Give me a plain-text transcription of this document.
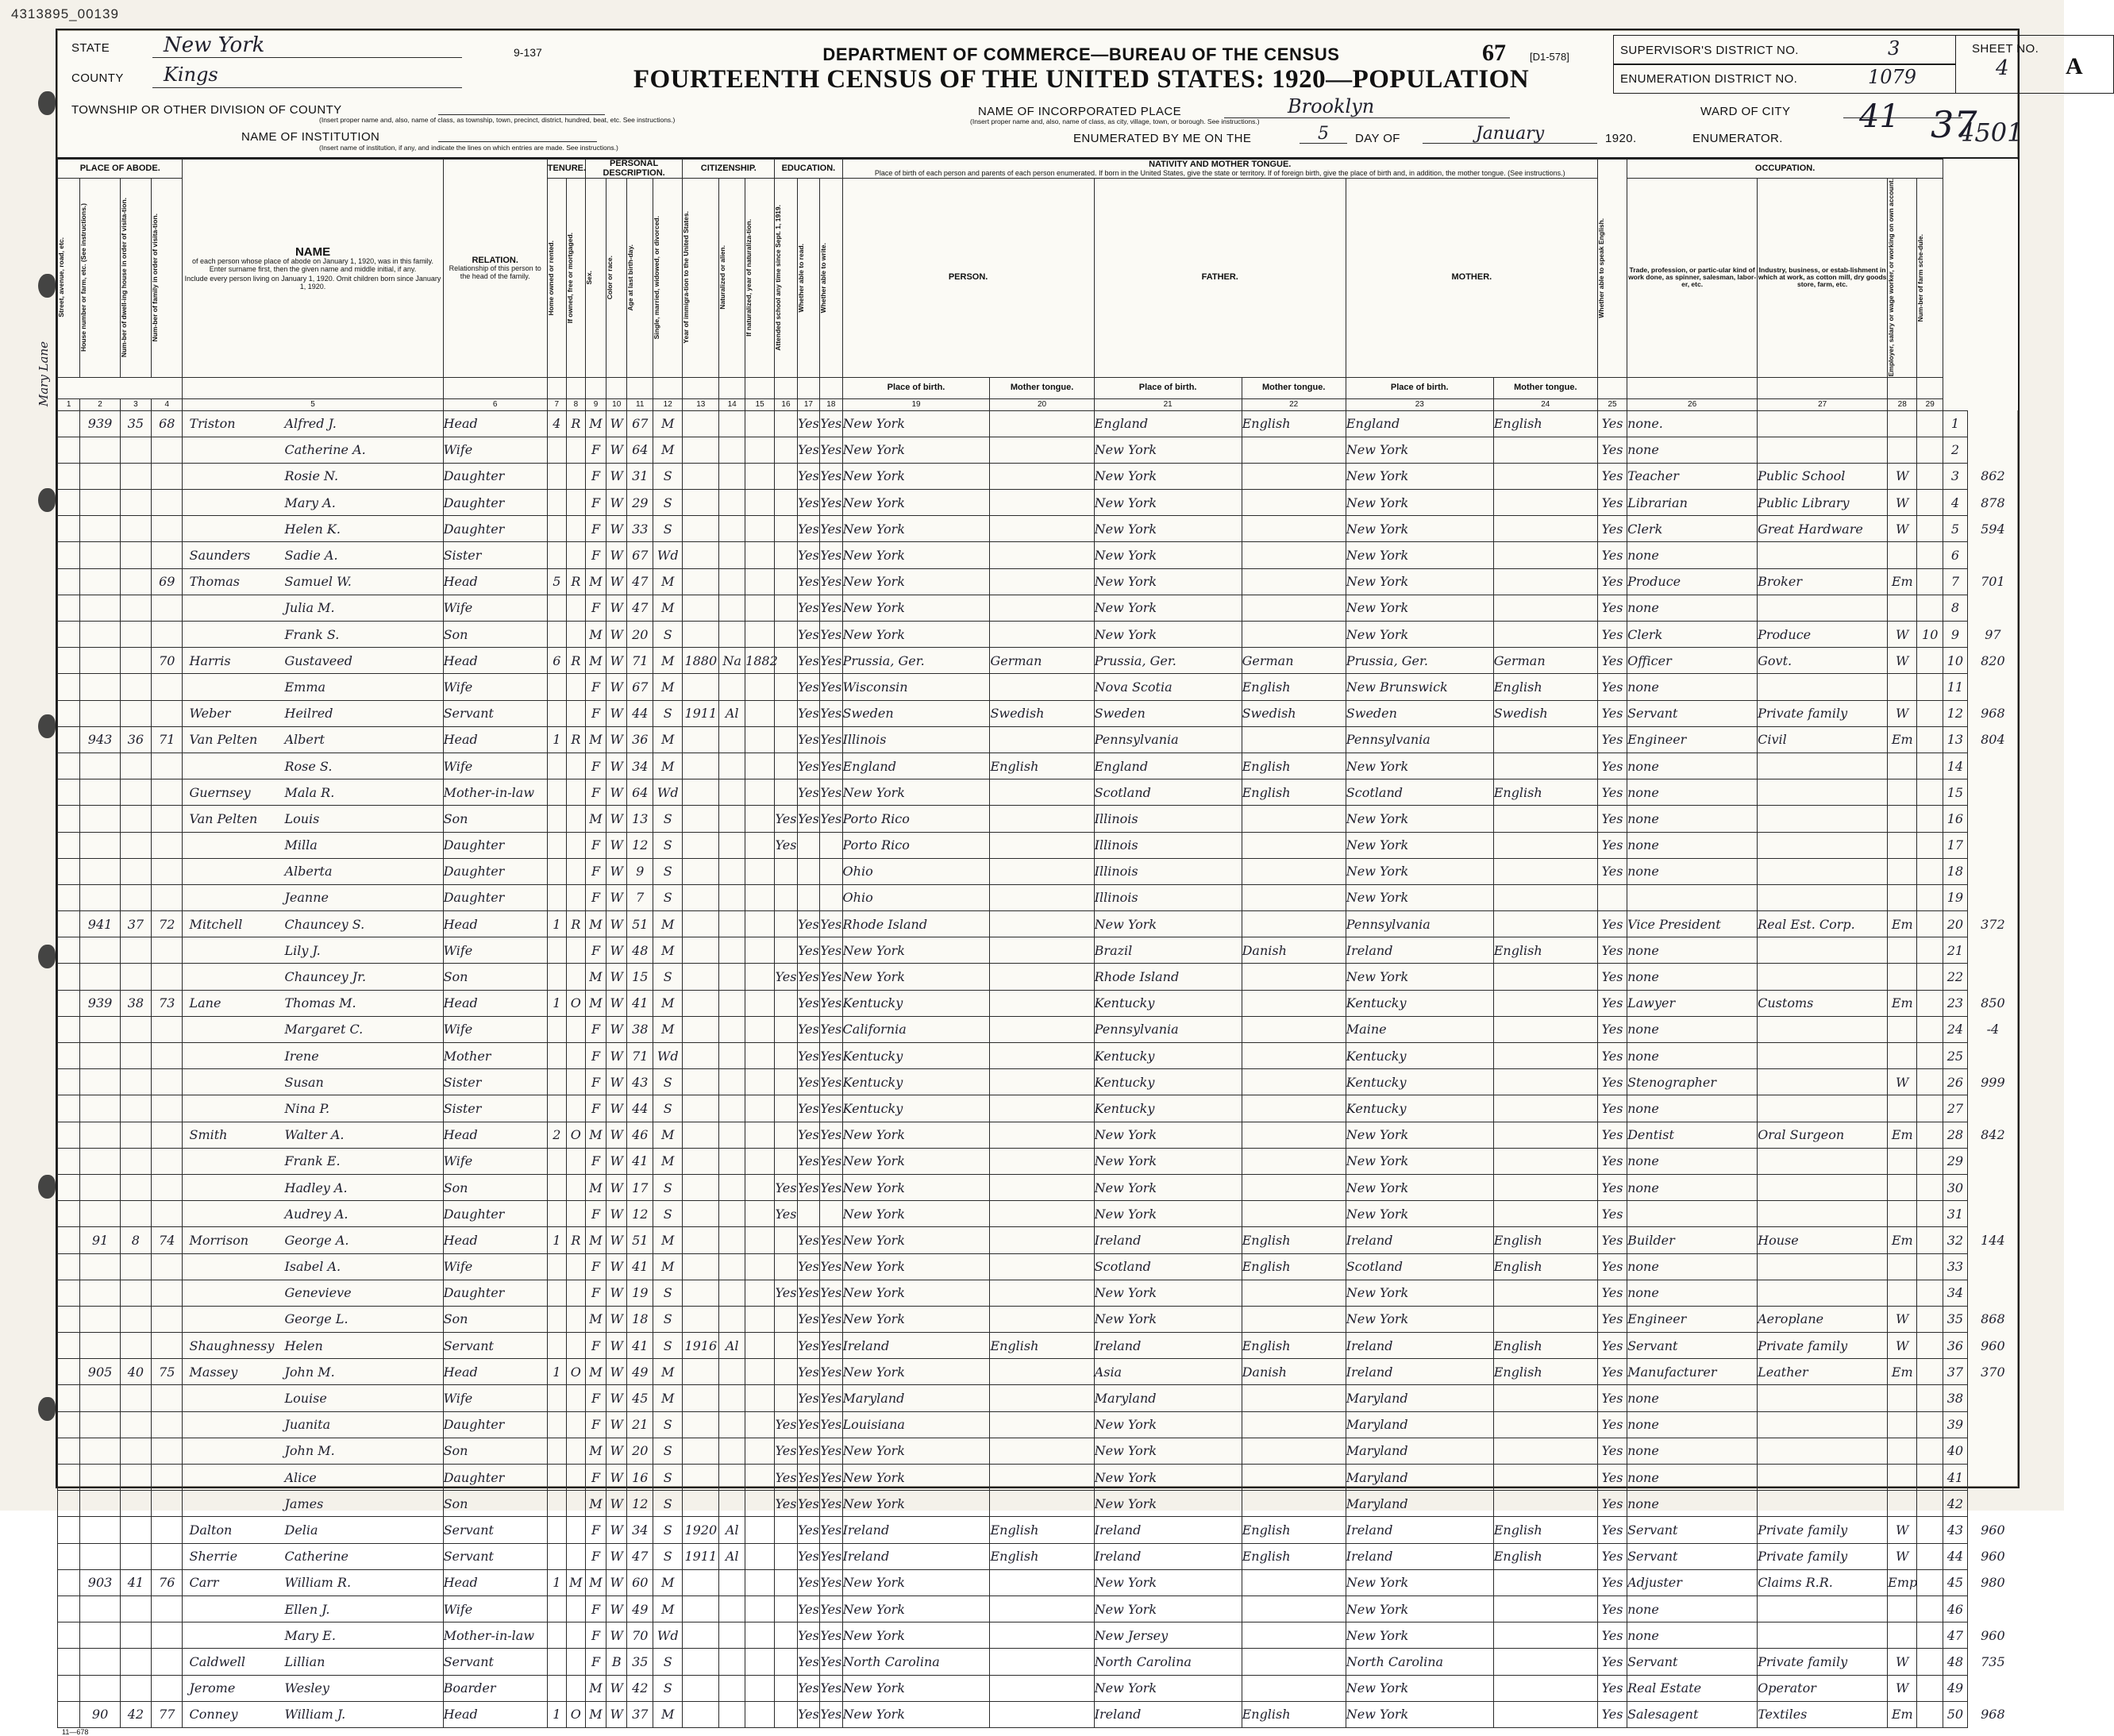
4313895_00139
Mary Lane
STATE	New York
COUNTY	Kings
TOWNSHIP OR OTHER DIVISION OF COUNTY
(Insert proper name and, also, name of class, as township, town, precinct, district, hundred, beat, etc. See instructions.)
NAME OF INSTITUTION
(Insert name of institution, if any, and indicate the lines on which entries are made. See instructions.)
9-137	DEPARTMENT OF COMMERCE—BUREAU OF THE CENSUS
FOURTEENTH CENSUS OF THE UNITED STATES: 1920—POPULATION
67 [D1-578]	SUPERVISOR'S DISTRICT NO.	3
ENUMERATION DISTRICT NO.	1079
SHEET NO.
4 A
NAME OF INCORPORATED PLACE	Brooklyn
(Insert proper name and, also, name of class, as city, village, town, or borough. See instructions.)
WARD OF CITY 41 37
ENUMERATED BY ME ON THE	5	DAY OF	January	1920.	ENUMERATOR.	4501
PLACE OF ABODE.	
NAME
of each person whose place of abode on January 1, 1920, was in this family.
Enter surname first, then the given name and middle initial, if any.
Include every person living on January 1, 1920. Omit children born since January 1, 1920.

RELATION.
Relationship of this person to the head of the family.
	TENURE.	PERSONAL DESCRIPTION.	CITIZENSHIP.	EDUCATION.	NATIVITY AND MOTHER TONGUE.
Place of birth of each person and parents of each person enumerated. If born in the United States, give the state or territory. If of foreign birth, give the place of birth and, in addition, the mother tongue. (See instructions.)

Whether able to speak English.
	OCCUPATION.		

Street, avenue, road, etc.	House number or farm, etc. (See instructions.)	Num-ber of dwell-ing house in order of visita-tion.	Num-ber of family in order of visita-tion.			Home owned or rented.	If owned, free or mortgaged.	Sex.	Color or race.	Age at last birth-day.	Single, married, widowed, or divorced.	Year of immigra-tion to the United States.	Naturalized or alien.	If naturalized, year of naturaliza-tion.	Attended school any time since Sept. 1, 1919.	Whether able to read.	Whether able to write.	PERSON.		FATHER.		MOTHER.			Trade, profession, or partic-ular kind of work done, as spinner, salesman, labor-er, etc.	Industry, business, or estab-lishment in which at work, as cotton mill, dry goods store, farm, etc.	Employer, salary or wage worker, or working on own account.	Num-ber of farm sche-dule.		

																		Place of birth.	Mother tongue.	Place of birth.	Mother tongue.	Place of birth.	Mother tongue.							
1	2	3	4	5	6	7	8	9	10	11	12	13	14	15	16	17	18	19	20	21	22	23	24	25	26	27	28	29		
	939	35	68	Triston Alfred J.	Head	4	R	M	W	67	M					Yes	Yes	New York		England	English	England	English	Yes	none.				1	
				Catherine A.	Wife			F	W	64	M					Yes	Yes	New York		New York		New York		Yes	none				2	
				Rosie N.	Daughter			F	W	31	S					Yes	Yes	New York		New York		New York		Yes	Teacher	Public School	W		3	862
				Mary A.	Daughter			F	W	29	S					Yes	Yes	New York		New York		New York		Yes	Librarian	Public Library	W		4	878
				Helen K.	Daughter			F	W	33	S					Yes	Yes	New York		New York		New York		Yes	Clerk	Great Hardware	W		5	594
				Saunders Sadie A.	Sister			F	W	67	Wd					Yes	Yes	New York		New York		New York		Yes	none				6	
			69	Thomas Samuel W.	Head	5	R	M	W	47	M					Yes	Yes	New York		New York		New York		Yes	Produce	Broker	Em		7	701
				Julia M.	Wife			F	W	47	M					Yes	Yes	New York		New York		New York		Yes	none				8	
				Frank S.	Son			M	W	20	S					Yes	Yes	New York		New York		New York		Yes	Clerk	Produce	W	10	9	97
			70	Harris Gustaveed	Head	6	R	M	W	71	M	1880	Na	1882		Yes	Yes	Prussia, Ger.	German	Prussia, Ger.	German	Prussia, Ger.	German	Yes	Officer	Govt.	W		10	820
				Emma	Wife			F	W	67	M					Yes	Yes	Wisconsin		Nova Scotia	English	New Brunswick	English	Yes	none				11	
				Weber Heilred	Servant			F	W	44	S	1911	Al			Yes	Yes	Sweden	Swedish	Sweden	Swedish	Sweden	Swedish	Yes	Servant	Private family	W		12	968
	943	36	71	Van Pelten Albert	Head	1	R	M	W	36	M					Yes	Yes	Illinois		Pennsylvania		Pennsylvania		Yes	Engineer	Civil	Em		13	804
				Rose S.	Wife			F	W	34	M					Yes	Yes	England	English	England	English	New York		Yes	none				14	
				Guernsey Mala R.	Mother-in-law			F	W	64	Wd					Yes	Yes	New York		Scotland	English	Scotland	English	Yes	none				15	
				Van Pelten Louis	Son			M	W	13	S				Yes	Yes	Yes	Porto Rico		Illinois		New York		Yes	none				16	
				Milla	Daughter			F	W	12	S				Yes			Porto Rico		Illinois		New York		Yes	none				17	
				Alberta	Daughter			F	W	9	S							Ohio		Illinois		New York		Yes	none				18	
				Jeanne	Daughter			F	W	7	S							Ohio		Illinois		New York							19	
	941	37	72	Mitchell Chauncey S.	Head	1	R	M	W	51	M					Yes	Yes	Rhode Island		New York		Pennsylvania		Yes	Vice President	Real Est. Corp.	Em		20	372
				Lily J.	Wife			F	W	48	M					Yes	Yes	New York		Brazil	Danish	Ireland	English	Yes	none				21	
				Chauncey Jr.	Son			M	W	15	S				Yes	Yes	Yes	New York		Rhode Island		New York		Yes	none				22	
	939	38	73	Lane Thomas M.	Head	1	O	M	W	41	M					Yes	Yes	Kentucky		Kentucky		Kentucky		Yes	Lawyer	Customs	Em		23	850
				Margaret C.	Wife			F	W	38	M					Yes	Yes	California		Pennsylvania		Maine		Yes	none				24	-4
				Irene	Mother			F	W	71	Wd					Yes	Yes	Kentucky		Kentucky		Kentucky		Yes	none				25	
				Susan	Sister			F	W	43	S					Yes	Yes	Kentucky		Kentucky		Kentucky		Yes	Stenographer		W		26	999
				Nina P.	Sister			F	W	44	S					Yes	Yes	Kentucky		Kentucky		Kentucky		Yes	none				27	
				Smith Walter A.	Head	2	O	M	W	46	M					Yes	Yes	New York		New York		New York		Yes	Dentist	Oral Surgeon	Em		28	842
				Frank E.	Wife			F	W	41	M					Yes	Yes	New York		New York		New York		Yes	none				29	
				Hadley A.	Son			M	W	17	S				Yes	Yes	Yes	New York		New York		New York		Yes	none				30	
				Audrey A.	Daughter			F	W	12	S				Yes			New York		New York		New York		Yes					31	
	91	8	74	Morrison George A.	Head	1	R	M	W	51	M					Yes	Yes	New York		Ireland	English	Ireland	English	Yes	Builder	House	Em		32	144
				Isabel A.	Wife			F	W	41	M					Yes	Yes	New York		Scotland	English	Scotland	English	Yes	none				33	
				Genevieve	Daughter			F	W	19	S				Yes	Yes	Yes	New York		New York		New York		Yes	none				34	
				George L.	Son			M	W	18	S					Yes	Yes	New York		New York		New York		Yes	Engineer	Aeroplane	W		35	868
				Shaughnessy Helen	Servant			F	W	41	S	1916	Al			Yes	Yes	Ireland	English	Ireland	English	Ireland	English	Yes	Servant	Private family	W		36	960
	905	40	75	Massey John M.	Head	1	O	M	W	49	M					Yes	Yes	New York		Asia	Danish	Ireland	English	Yes	Manufacturer	Leather	Em		37	370
				Louise	Wife			F	W	45	M					Yes	Yes	Maryland		Maryland		Maryland		Yes	none				38	
				Juanita	Daughter			F	W	21	S				Yes	Yes	Yes	Louisiana		New York		Maryland		Yes	none				39	
				John M.	Son			M	W	20	S				Yes	Yes	Yes	New York		New York		Maryland		Yes	none				40	
				Alice	Daughter			F	W	16	S				Yes	Yes	Yes	New York		New York		Maryland		Yes	none				41	
				James	Son			M	W	12	S				Yes	Yes	Yes	New York		New York		Maryland		Yes	none				42	
				Dalton Delia	Servant			F	W	34	S	1920	Al			Yes	Yes	Ireland	English	Ireland	English	Ireland	English	Yes	Servant	Private family	W		43	960
				Sherrie Catherine	Servant			F	W	47	S	1911	Al			Yes	Yes	Ireland	English	Ireland	English	Ireland	English	Yes	Servant	Private family	W		44	960
	903	41	76	Carr William R.	Head	1	M	M	W	60	M					Yes	Yes	New York		New York		New York		Yes	Adjuster	Claims R.R.	Emp		45	980
				Ellen J.	Wife			F	W	49	M					Yes	Yes	New York		New York		New York		Yes	none				46	
				Mary E.	Mother-in-law			F	W	70	Wd					Yes	Yes	New York		New Jersey		New York		Yes	none				47	960
				Caldwell Lillian	Servant			F	B	35	S					Yes	Yes	North Carolina		North Carolina		North Carolina		Yes	Servant	Private family	W		48	735
				Jerome Wesley	Boarder			M	W	42	S					Yes	Yes	New York		New York		New York		Yes	Real Estate	Operator	W		49	
	90	42	77	Conney William J.	Head	1	O	M	W	37	M					Yes	Yes	New York		Ireland	English	New York		Yes	Salesagent	Textiles	Em		50	968
11—678
